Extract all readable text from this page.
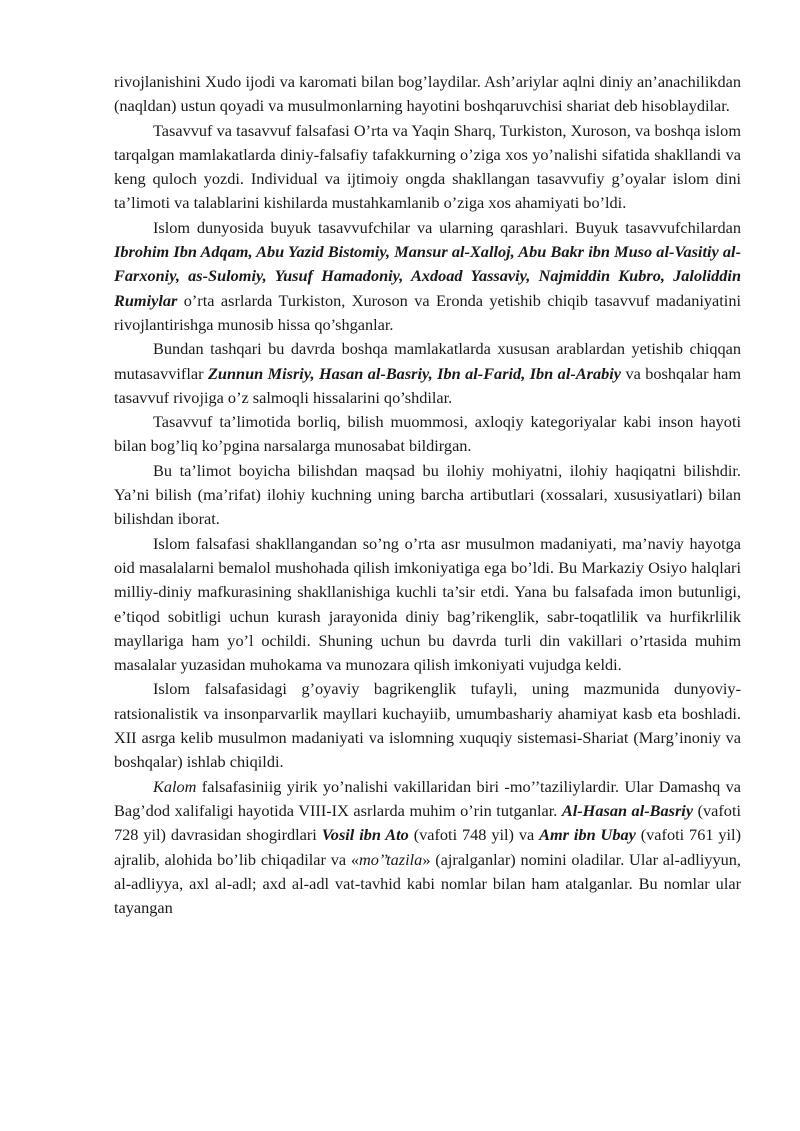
rivojlanishini Xudo ijodi va karomati bilan bog’laydilar. Ash’ariylar aqlni diniy an’anachilikdan (naqldan) ustun qoyadi va musulmonlarning hayotini boshqaruvchisi shariat deb hisoblaydilar.

Tasavvuf va tasavvuf falsafasi O’rta va Yaqin Sharq, Turkiston, Xuroson, va boshqa islom tarqalgan mamlakatlarda diniy-falsafiy tafakkurning o’ziga xos yo’nalishi sifatida shakllandi va keng quloch yozdi. Individual va ijtimoiy ongda shakllangan tasavvufiy g’oyalar islom dini ta’limoti va talablarini kishilarda mustahkamlanib o’ziga xos ahamiyati bo’ldi.

Islom dunyosida buyuk tasavvufchilar va ularning qarashlari. Buyuk tasavvufchilardan Ibrohim Ibn Adqam, Abu Yazid Bistomiy, Mansur al-Xalloj, Abu Bakr ibn Muso al-Vasitiy al-Farxoniy, as-Sulomiy, Yusuf Hamadoniy, Axdoad Yassaviy, Najmiddin Kubro, Jaloliddin Rumiylar o’rta asrlarda Turkiston, Xuroson va Eronda yetishib chiqib tasavvuf madaniyatini rivojlantirishga munosib hissa qo’shganlar.

Bundan tashqari bu davrda boshqa mamlakatlarda xususan arablardan yetishib chiqqan mutasavviflar Zunnun Misriy, Hasan al-Basriy, Ibn al-Farid, Ibn al-Arabiy va boshqalar ham tasavvuf rivojiga o’z salmoqli hissalarini qo’shdilar.

Tasavvuf ta’limotida borliq, bilish muommosi, axloqiy kategoriyalar kabi inson hayoti bilan bog’liq ko’pgina narsalarga munosabat bildirgan.

Bu ta’limot boyicha bilishdan maqsad bu ilohiy mohiyatni, ilohiy haqiqatni bilishdir. Ya’ni bilish (ma’rifat) ilohiy kuchning uning barcha artibutlari (xossalari, xususiyatlari) bilan bilishdan iborat.

Islom falsafasi shakllangandan so’ng o’rta asr musulmon madaniyati, ma’naviy hayotga oid masalalarni bemalol mushohada qilish imkoniyatiga ega bo’ldi. Bu Markaziy Osiyo halqlari milliy-diniy mafkurasining shakllanishiga kuchli ta’sir etdi. Yana bu falsafada imon butunligi, e’tiqod sobitligi uchun kurash jarayonida diniy bag’rikenglik, sabr-toqatlilik va hurfikrlilik mayllariga ham yo’l ochildi. Shuning uchun bu davrda turli din vakillari o’rtasida muhim masalalar yuzasidan muhokama va munozara qilish imkoniyati vujudga keldi.

Islom falsafasidagi g’oyaviy bagrikenglik tufayli, uning mazmunida dunyoviy-ratsionalistik va insonparvarlik mayllari kuchayiib, umumbashariy ahamiyat kasb eta boshladi. XII asrga kelib musulmon madaniyati va islomning xuquqiy sistemasi-Shariat (Marg’inoniy va boshqalar) ishlab chiqildi.

Kalom falsafasiniig yirik yo’nalishi vakillaridan biri -mo’’taziliylardir. Ular Damashq va Bag’dod xalifaligi hayotida VIII-IX asrlarda muhim o’rin tutganlar. Al-Hasan al-Basriy (vafoti 728 yil) davrasidan shogirdlari Vosil ibn Ato (vafoti 748 yil) va Amr ibn Ubay (vafoti 761 yil) ajralib, alohida bo’lib chiqadilar va «mo’’tazila» (ajralganlar) nomini oladilar. Ular al-adliyyun, al-adliyya, axl al-adl; axd al-adl vat-tavhid kabi nomlar bilan ham atalganlar. Bu nomlar ular tayangan
